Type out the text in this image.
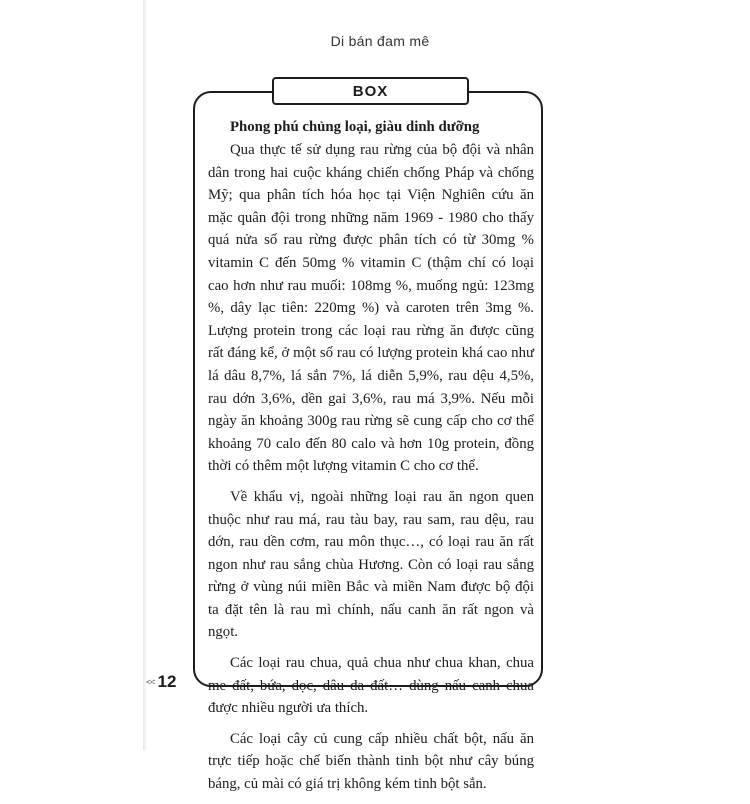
Di bán đam mê
BOX
Phong phú chủng loại, giàu dinh dưỡng

Qua thực tế sử dụng rau rừng của bộ đội và nhân dân trong hai cuộc kháng chiến chống Pháp và chống Mỹ; qua phân tích hóa học tại Viện Nghiên cứu ăn mặc quân đội trong những năm 1969 - 1980 cho thấy quá nửa số rau rừng được phân tích có từ 30mg % vitamin C đến 50mg % vitamin C (thậm chí có loại cao hơn như rau muối: 108mg %, muống ngủ: 123mg %, dây lạc tiên: 220mg %) và caroten trên 3mg %. Lượng protein trong các loại rau rừng ăn được cũng rất đáng kể, ở một số rau có lượng protein khá cao như lá dâu 8,7%, lá sắn 7%, lá diễn 5,9%, rau dệu 4,5%, rau dớn 3,6%, dền gai 3,6%, rau má 3,9%. Nếu mỗi ngày ăn khoảng 300g rau rừng sẽ cung cấp cho cơ thể khoảng 70 calo đến 80 calo và hơn 10g protein, đồng thời có thêm một lượng vitamin C cho cơ thể.

Về khẩu vị, ngoài những loại rau ăn ngon quen thuộc như rau má, rau tàu bay, rau sam, rau dệu, rau dớn, rau dền cơm, rau môn thục…, có loại rau ăn rất ngon như rau sắng chùa Hương. Còn có loại rau sắng rừng ở vùng núi miền Bắc và miền Nam được bộ đội ta đặt tên là rau mì chính, nấu canh ăn rất ngon và ngọt.

Các loại rau chua, quả chua như chua khan, chua me đất, bứa, dọc, dâu da đất… dùng nấu canh chua được nhiều người ưa thích.

Các loại cây củ cung cấp nhiều chất bột, nấu ăn trực tiếp hoặc chế biến thành tinh bột như cây búng báng, củ mài có giá trị không kém tinh bột sắn.

<< 12
